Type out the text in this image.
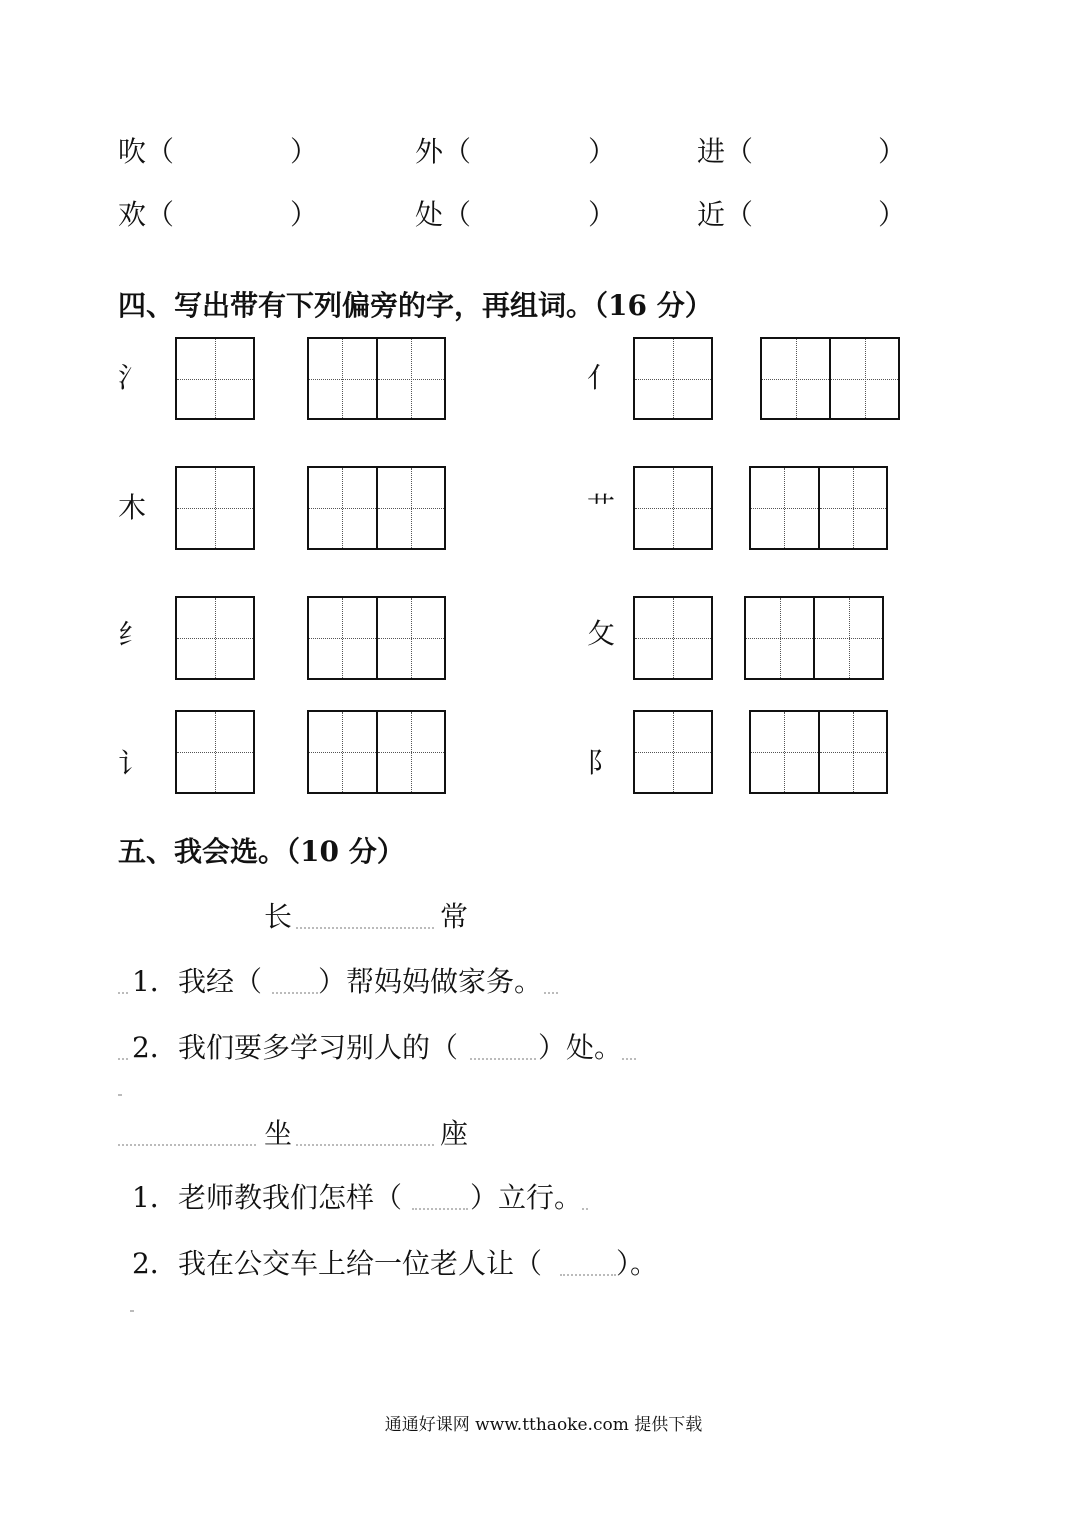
吹（	）	外（	）	进（	）
欢（	）	处（	）	近（	）
四、写出带有下列偏旁的字，再组词。（16 分）
氵	亻
木	艹
纟	攵
讠	阝
五、我会选。（10 分）
长	常
1． 我经（ ）帮妈妈做家务。
2． 我们要多学习别人的（	）处。
坐	座
1． 老师教我们怎样（ ）立行。
2． 我在公交车上给一位老人让（	）。
通通好课网 www.tthaoke.com 提供下载
